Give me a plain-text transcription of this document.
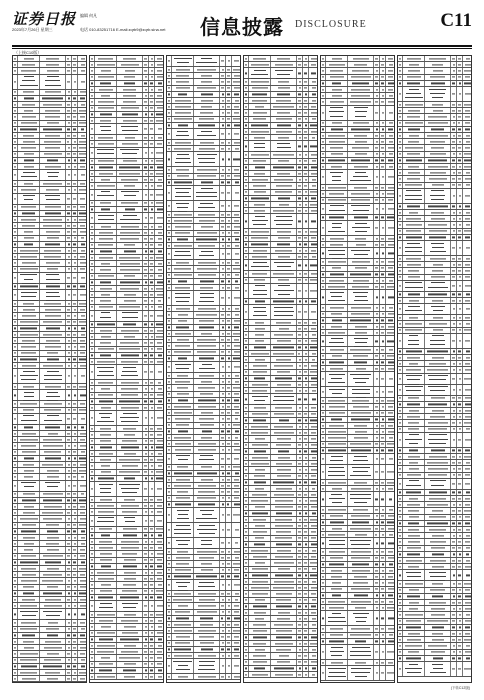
证券日报 编辑 何凡
2023年7月26日 星期三	电话 010-83251716 E-mail:zqrb9@zqrb.sina.net 信息披露 DISCLOSURE	C11
（上接C10版）
(下转C12版)
